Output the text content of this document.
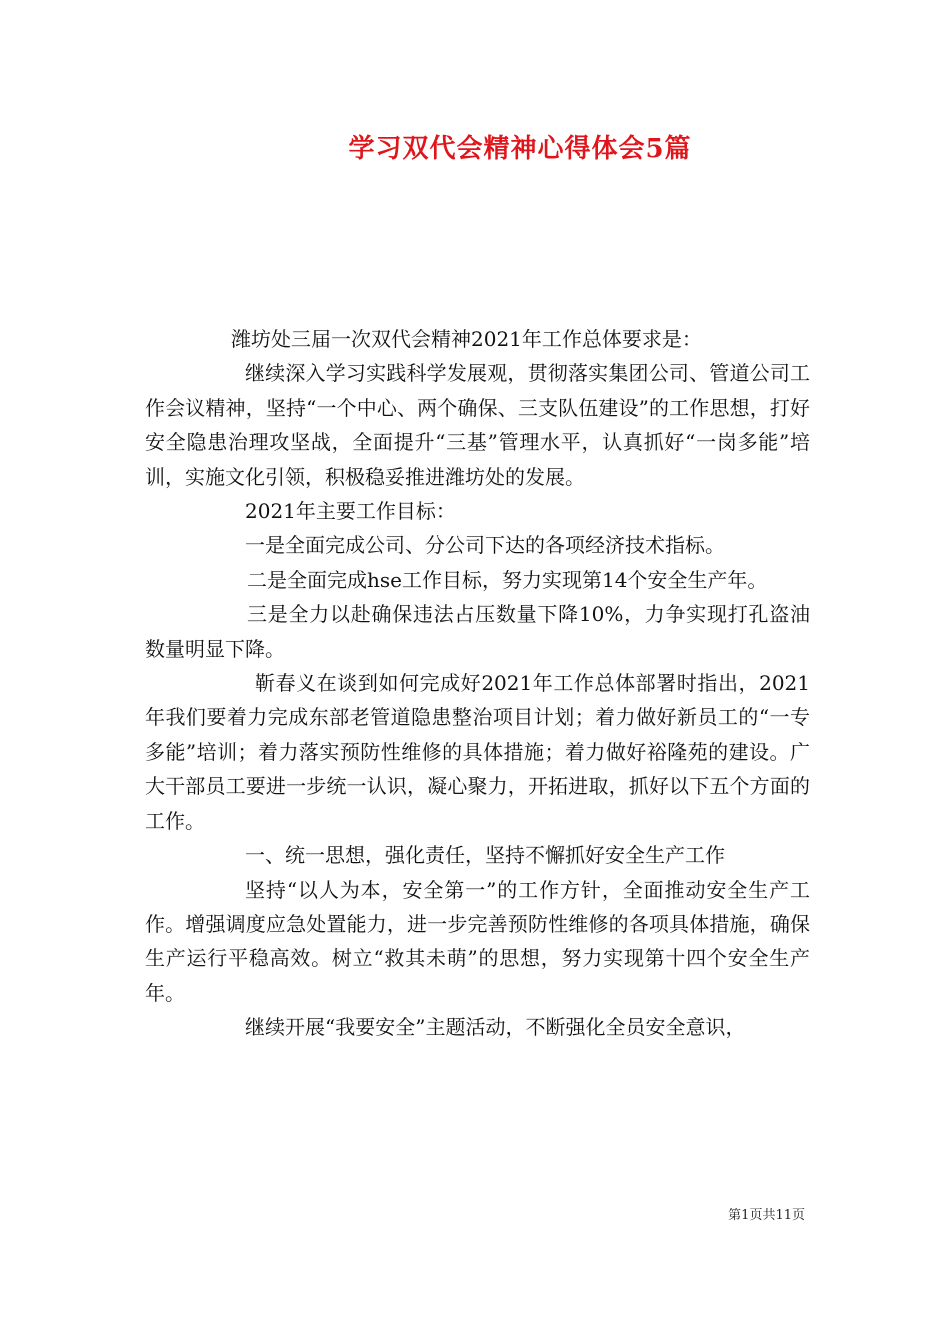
学习双代会精神心得体会5篇

潍坊处三届一次双代会精神2021年工作总体要求是：

继续深入学习实践科学发展观，贯彻落实集团公司、管道公司工作会议精神，坚持“一个中心、两个确保、三支队伍建设”的工作思想，打好安全隐患治理攻坚战，全面提升“三基”管理水平，认真抓好“一岗多能”培训，实施文化引领，积极稳妥推进潍坊处的发展。

2021年主要工作目标：

一是全面完成公司、分公司下达的各项经济技术指标。

二是全面完成hse工作目标，努力实现第14个安全生产年。

三是全力以赴确保违法占压数量下降10%，力争实现打孔盗油数量明显下降。

靳春义在谈到如何完成好2021年工作总体部署时指出，2021年我们要着力完成东部老管道隐患整治项目计划；着力做好新员工的“一专多能”培训；着力落实预防性维修的具体措施；着力做好裕隆苑的建设。广大干部员工要进一步统一认识，凝心聚力，开拓进取，抓好以下五个方面的工作。

一、统一思想，强化责任，坚持不懈抓好安全生产工作

坚持“以人为本，安全第一”的工作方针，全面推动安全生产工作。增强调度应急处置能力，进一步完善预防性维修的各项具体措施，确保生产运行平稳高效。树立“救其未萌”的思想，努力实现第十四个安全生产年。

继续开展“我要安全”主题活动，不断强化全员安全意识，

第1页共11页
